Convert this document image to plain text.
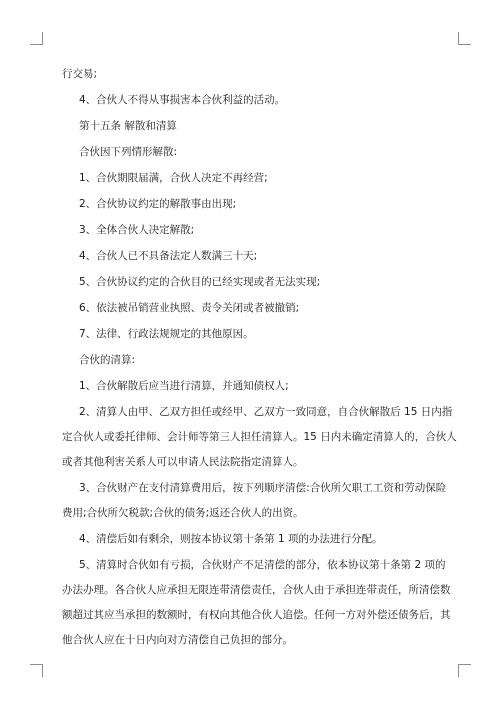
行交易;

4、合伙人不得从事损害本合伙利益的活动。

第十五条 解散和清算

合伙因下列情形解散:

1、合伙期限届满，合伙人决定不再经营;

2、合伙协议约定的解散事由出现;

3、全体合伙人决定解散;

4、合伙人已不具备法定人数满三十天;

5、合伙协议约定的合伙目的已经实现或者无法实现;

6、依法被吊销营业执照、责令关闭或者被撤销;

7、法律、行政法规规定的其他原因。

合伙的清算:

1、合伙解散后应当进行清算，并通知债权人;

2、清算人由甲、乙双方担任或经甲、乙双方一致同意，自合伙解散后 15 日内指

定合伙人或委托律师、会计师等第三人担任清算人。15 日内未确定清算人的，合伙人

或者其他利害关系人可以申请人民法院指定清算人。

3、合伙财产在支付清算费用后，按下列顺序清偿:合伙所欠职工工资和劳动保险

费用;合伙所欠税款;合伙的债务;返还合伙人的出资。

4、清偿后如有剩余，则按本协议第十条第 1 项的办法进行分配。

5、清算时合伙如有亏损，合伙财产不足清偿的部分，依本协议第十条第 2 项的

办法办理。各合伙人应承担无限连带清偿责任，合伙人由于承担连带责任，所清偿数

额超过其应当承担的数额时，有权向其他合伙人追偿。任何一方对外偿还债务后，其

他合伙人应在十日内向对方清偿自己负担的部分。
